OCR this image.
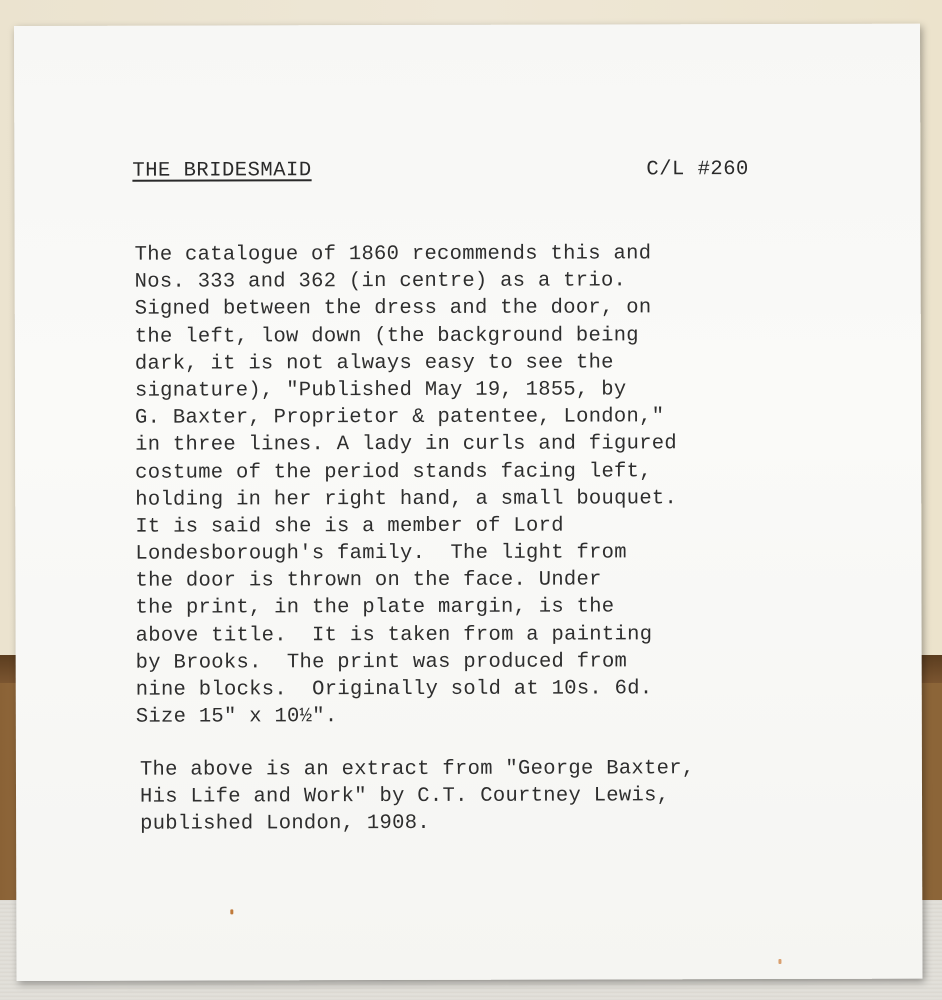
THE BRIDESMAID	C/L #260
The catalogue of 1860 recommends this and
Nos. 333 and 362 (in centre) as a trio.
Signed between the dress and the door, on
the left, low down (the background being
dark, it is not always easy to see the
signature), "Published May 19, 1855, by
G. Baxter, Proprietor & patentee, London,"
in three lines. A lady in curls and figured
costume of the period stands facing left,
holding in her right hand, a small bouquet.
It is said she is a member of Lord
Londesborough's family.  The light from
the door is thrown on the face. Under
the print, in the plate margin, is the
above title.  It is taken from a painting
by Brooks.  The print was produced from
nine blocks.  Originally sold at 10s. 6d.
Size 15" x 10½".
The above is an extract from "George Baxter,
His Life and Work" by C.T. Courtney Lewis,
published London, 1908.
